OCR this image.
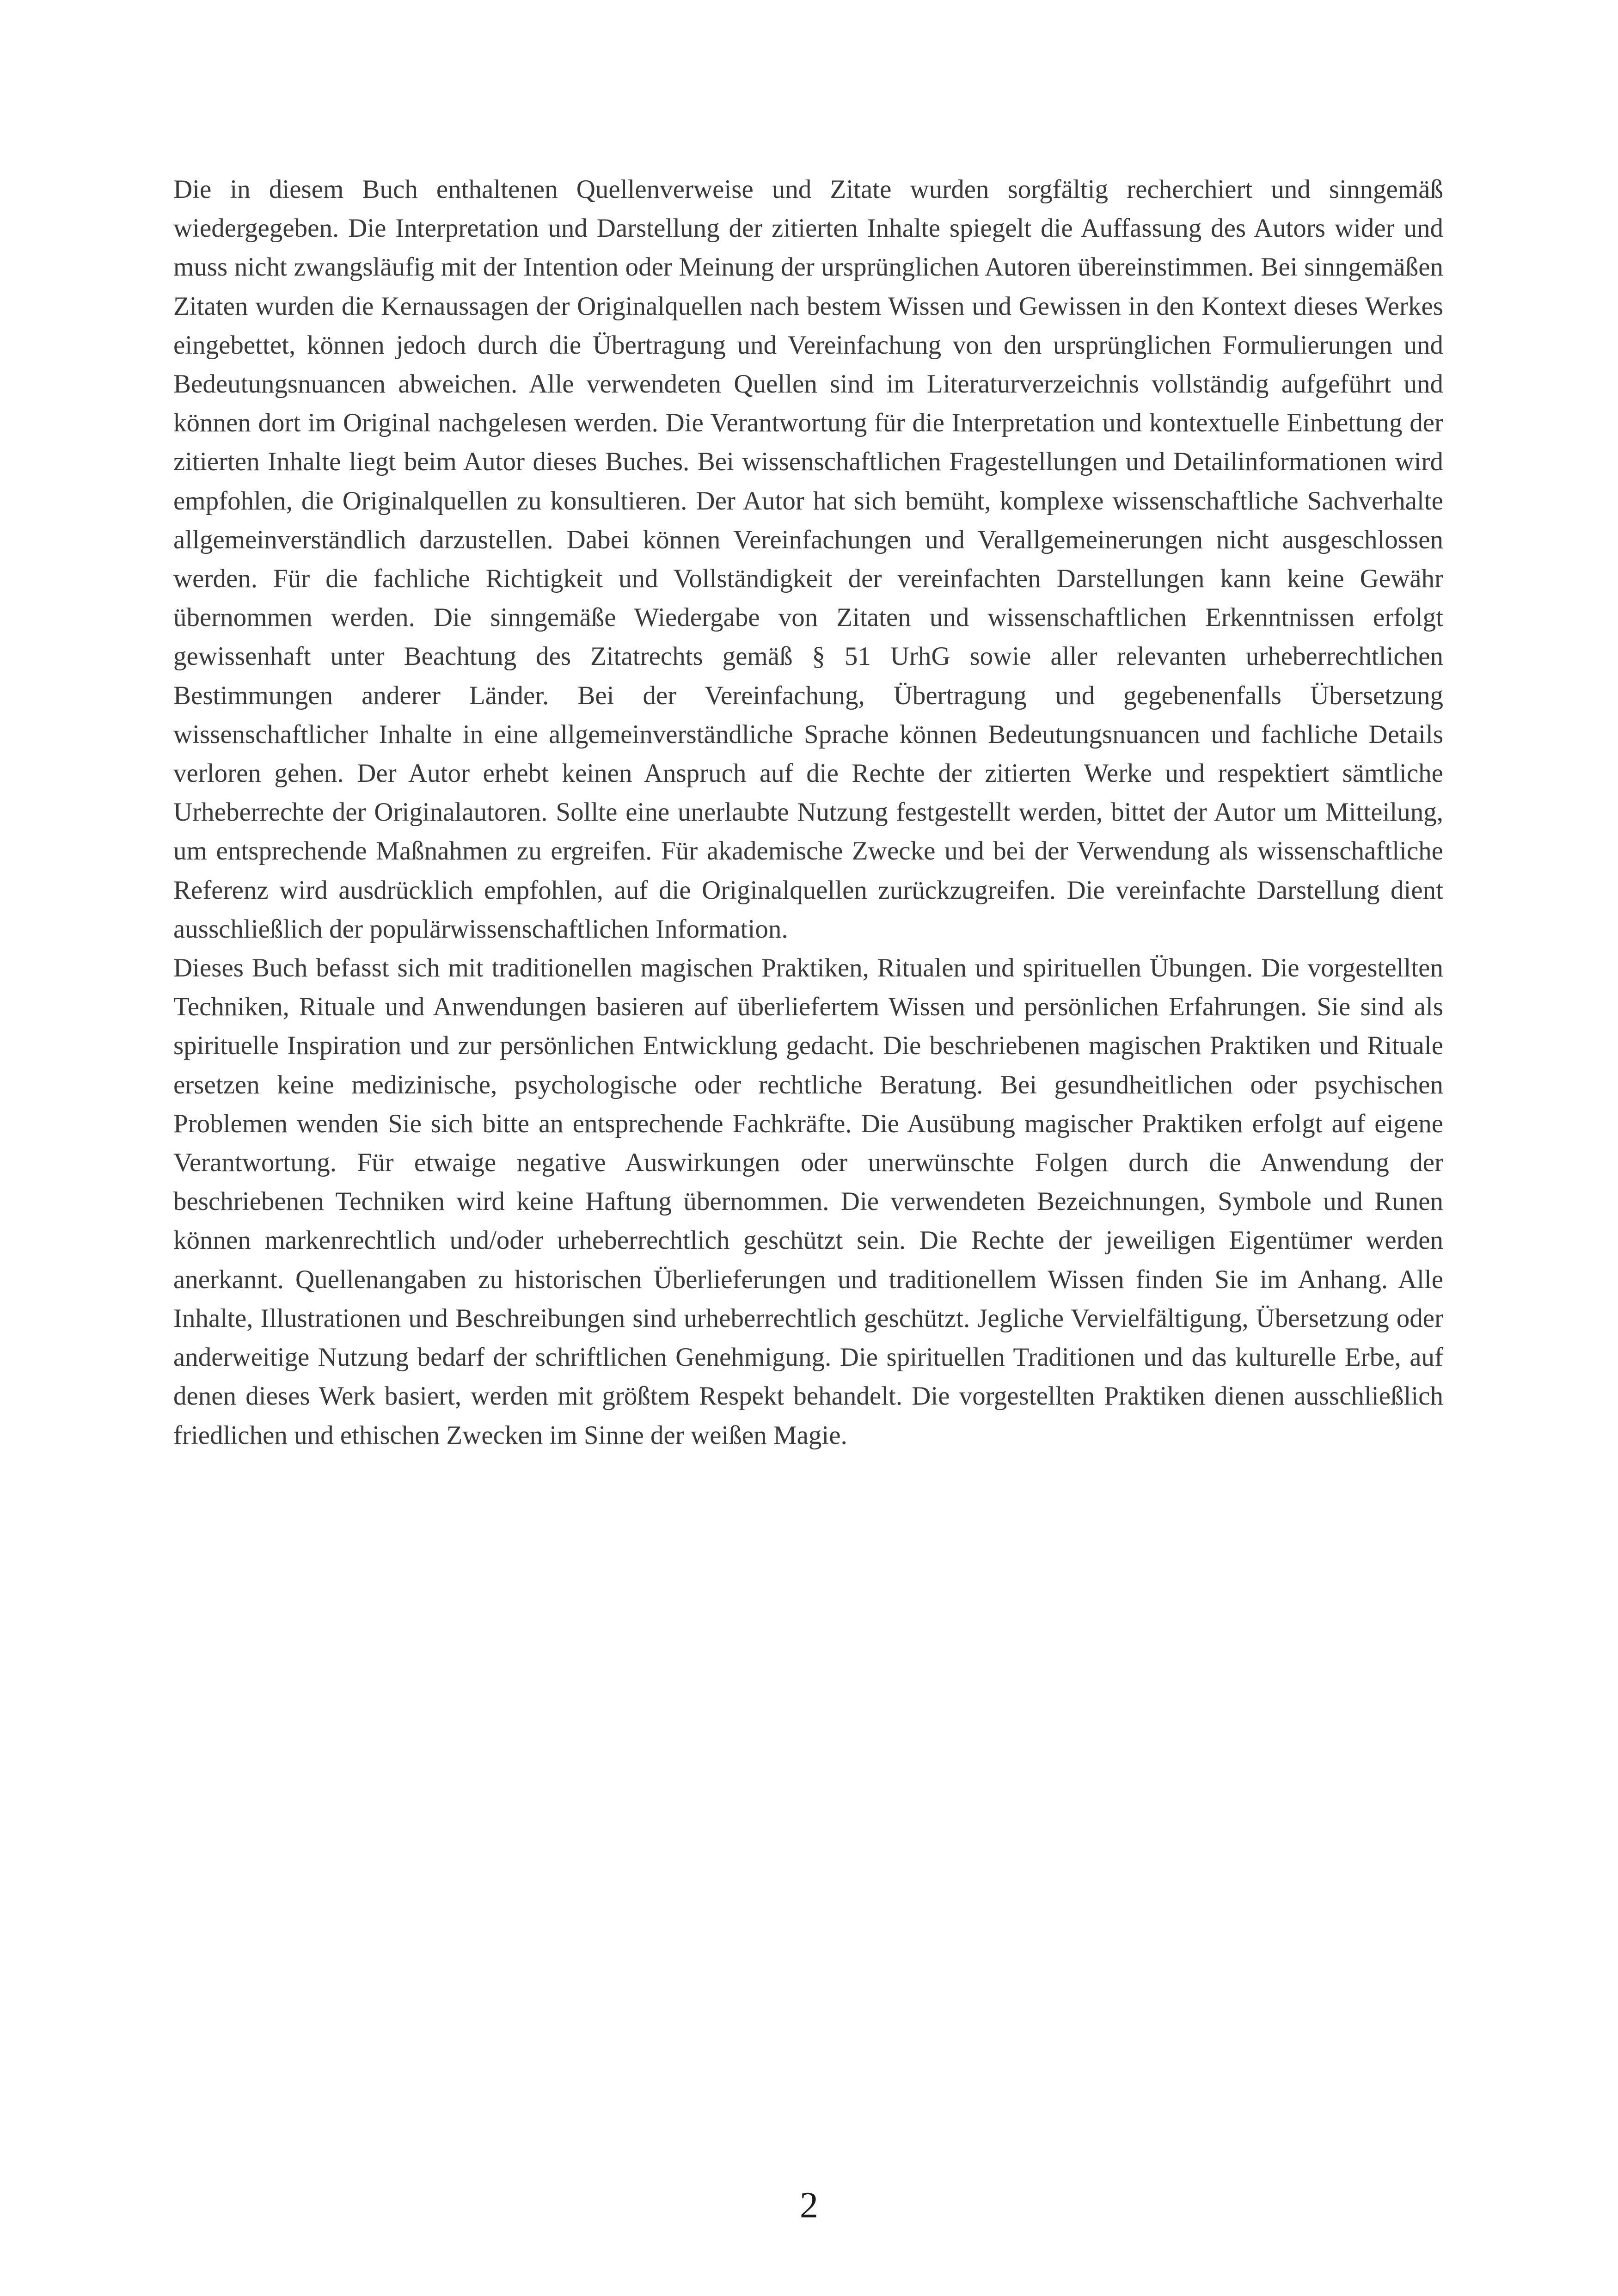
Die in diesem Buch enthaltenen Quellenverweise und Zitate wurden sorgfältig recherchiert und sinngemäß wiedergegeben. Die Interpretation und Darstellung der zitierten Inhalte spiegelt die Auffassung des Autors wider und muss nicht zwangsläufig mit der Intention oder Meinung der ursprünglichen Autoren übereinstimmen. Bei sinngemäßen Zitaten wurden die Kernaussagen der Originalquellen nach bestem Wissen und Gewissen in den Kontext dieses Werkes eingebettet, können jedoch durch die Übertragung und Vereinfachung von den ursprünglichen Formulierungen und Bedeutungsnuancen abweichen. Alle verwendeten Quellen sind im Literaturverzeichnis vollständig aufgeführt und können dort im Original nachgelesen werden. Die Verantwortung für die Interpretation und kontextuelle Einbettung der zitierten Inhalte liegt beim Autor dieses Buches. Bei wissenschaftlichen Fragestellungen und Detailinformationen wird empfohlen, die Originalquellen zu konsultieren. Der Autor hat sich bemüht, komplexe wissenschaftliche Sachverhalte allgemeinverständlich darzustellen. Dabei können Vereinfachungen und Verallgemeinerungen nicht ausgeschlossen werden. Für die fachliche Richtigkeit und Vollständigkeit der vereinfachten Darstellungen kann keine Gewähr übernommen werden. Die sinngemäße Wiedergabe von Zitaten und wissenschaftlichen Erkenntnissen erfolgt gewissenhaft unter Beachtung des Zitatrechts gemäß § 51 UrhG sowie aller relevanten urheberrechtlichen Bestimmungen anderer Länder. Bei der Vereinfachung, Übertragung und gegebenenfalls Übersetzung wissenschaftlicher Inhalte in eine allgemeinverständliche Sprache können Bedeutungsnuancen und fachliche Details verloren gehen. Der Autor erhebt keinen Anspruch auf die Rechte der zitierten Werke und respektiert sämtliche Urheberrechte der Originalautoren. Sollte eine unerlaubte Nutzung festgestellt werden, bittet der Autor um Mitteilung, um entsprechende Maßnahmen zu ergreifen. Für akademische Zwecke und bei der Verwendung als wissenschaftliche Referenz wird ausdrücklich empfohlen, auf die Originalquellen zurückzugreifen. Die vereinfachte Darstellung dient ausschließlich der populärwissenschaftlichen Information.

Dieses Buch befasst sich mit traditionellen magischen Praktiken, Ritualen und spirituellen Übungen. Die vorgestellten Techniken, Rituale und Anwendungen basieren auf überliefertem Wissen und persönlichen Erfahrungen. Sie sind als spirituelle Inspiration und zur persönlichen Entwicklung gedacht. Die beschriebenen magischen Praktiken und Rituale ersetzen keine medizinische, psychologische oder rechtliche Beratung. Bei gesundheitlichen oder psychischen Problemen wenden Sie sich bitte an entsprechende Fachkräfte. Die Ausübung magischer Praktiken erfolgt auf eigene Verantwortung. Für etwaige negative Auswirkungen oder unerwünschte Folgen durch die Anwendung der beschriebenen Techniken wird keine Haftung übernommen. Die verwendeten Bezeichnungen, Symbole und Runen können markenrechtlich und/oder urheberrechtlich geschützt sein. Die Rechte der jeweiligen Eigentümer werden anerkannt. Quellenangaben zu historischen Überlieferungen und traditionellem Wissen finden Sie im Anhang. Alle Inhalte, Illustrationen und Beschreibungen sind urheberrechtlich geschützt. Jegliche Vervielfältigung, Übersetzung oder anderweitige Nutzung bedarf der schriftlichen Genehmigung. Die spirituellen Traditionen und das kulturelle Erbe, auf denen dieses Werk basiert, werden mit größtem Respekt behandelt. Die vorgestellten Praktiken dienen ausschließlich friedlichen und ethischen Zwecken im Sinne der weißen Magie.

2
